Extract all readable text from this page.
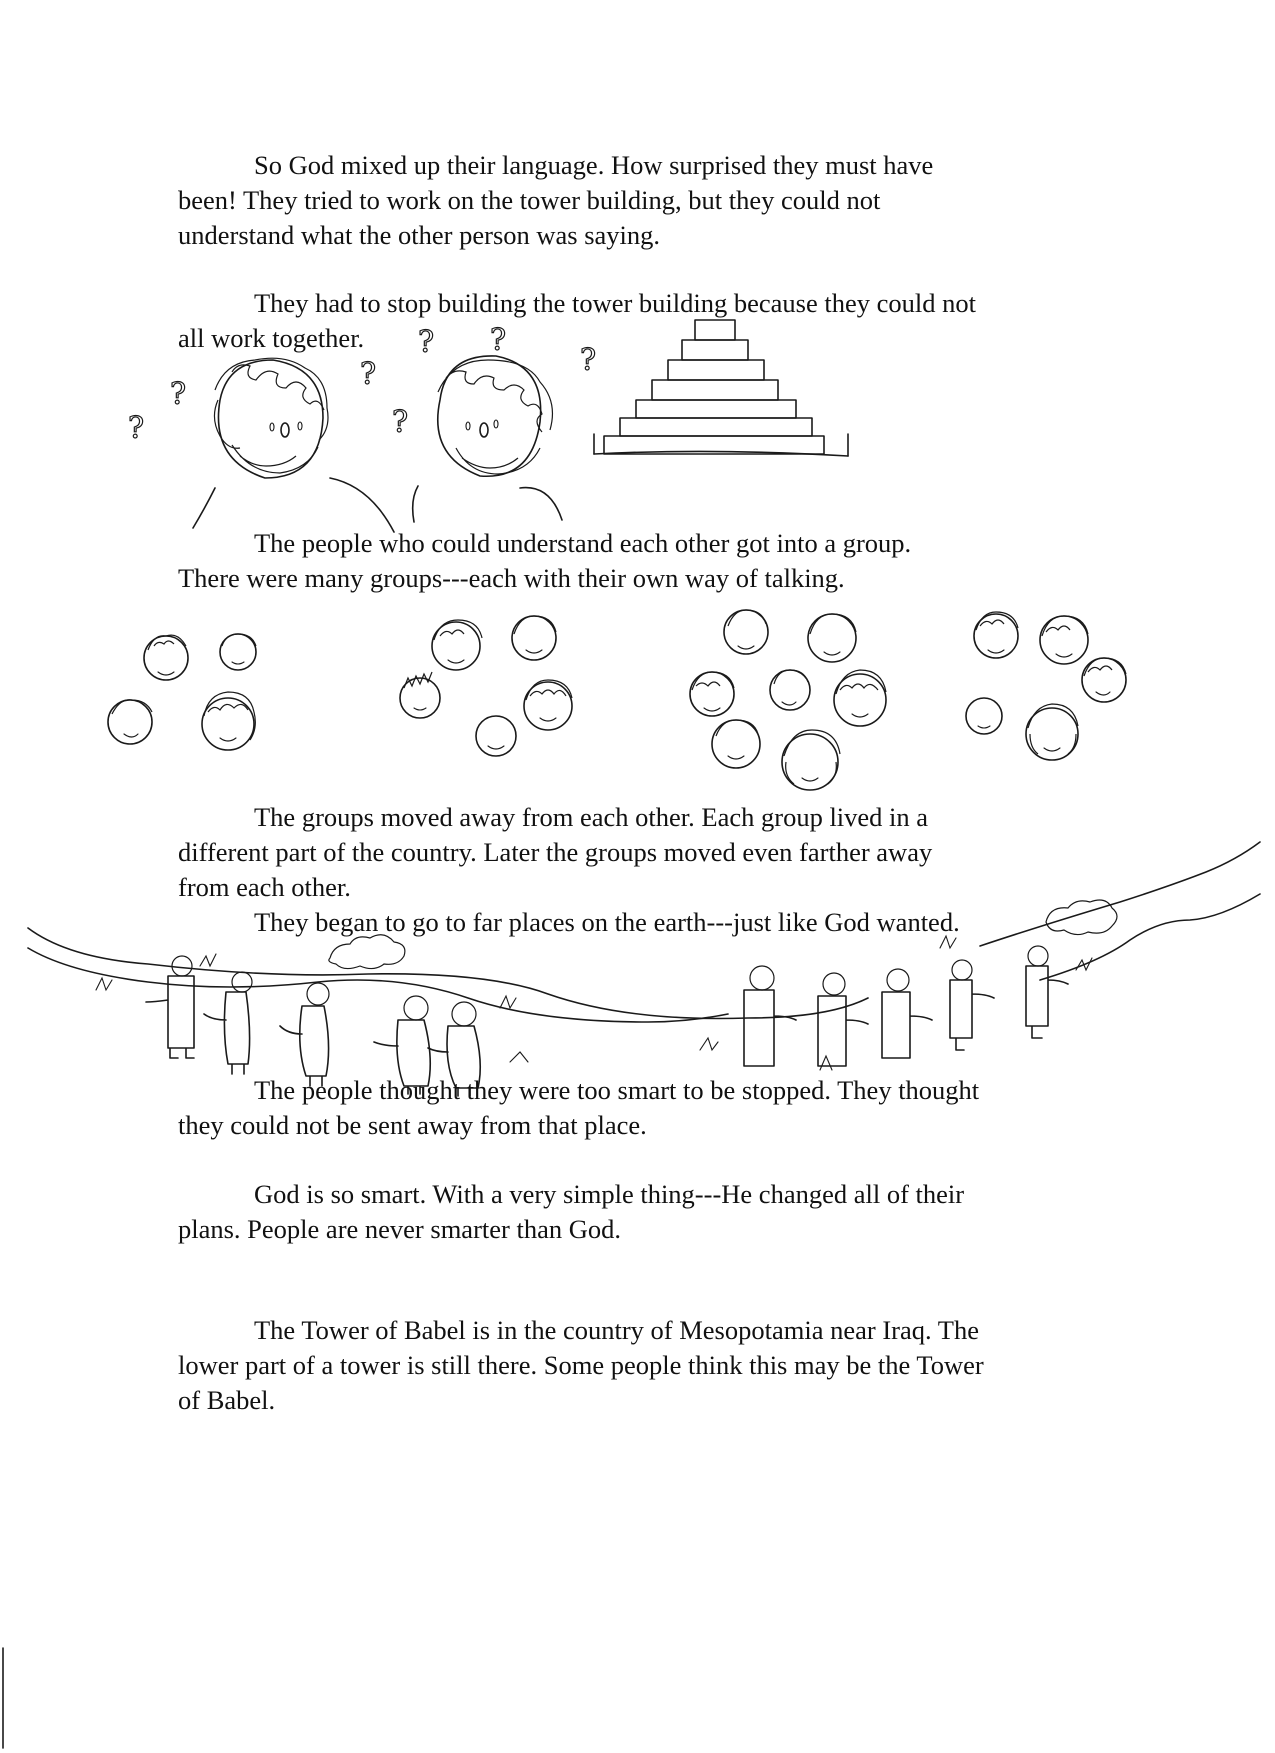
?
?
?
?
? ?
?

So God mixed up their language. How surprised they must have
been! They tried to work on the tower building, but they could not
understand what the other person was saying.

They had to stop building the tower building because they could not
all work together.

The people who could understand each other got into a group.
There were many groups---each with their own way of talking.

The groups moved away from each other. Each group lived in a
different part of the country. Later the groups moved even farther away
from each other.

They began to go to far places on the earth---just like God wanted.

The people thought they were too smart to be stopped. They thought
they could not be sent away from that place.

God is so smart. With a very simple thing---He changed all of their
plans. People are never smarter than God.

The Tower of Babel is in the country of Mesopotamia near Iraq. The
lower part of a tower is still there. Some people think this may be the Tower
of Babel.
